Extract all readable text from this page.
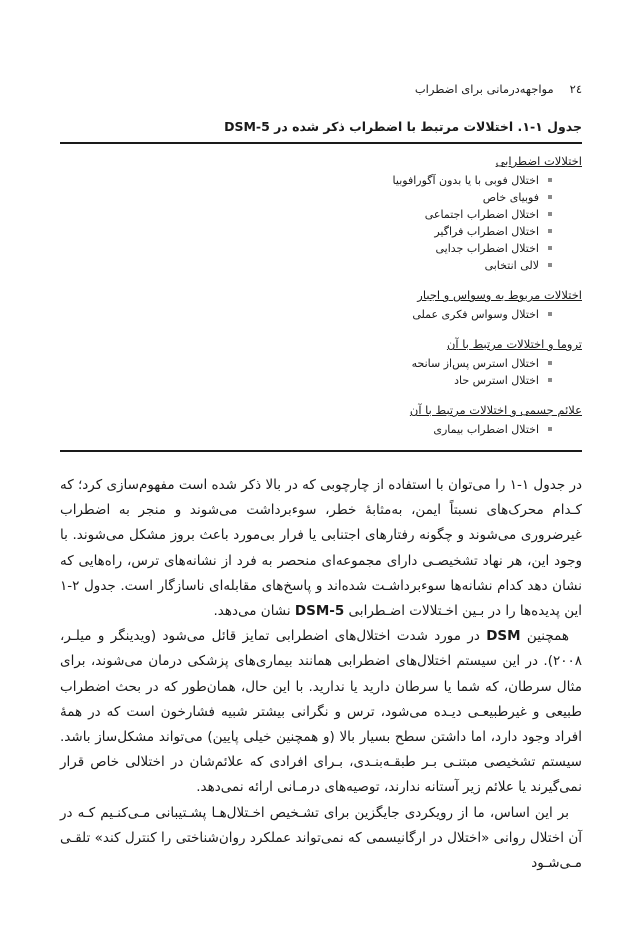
۲٤
مواجهه‌درمانی برای اضطراب
جدول ۱-۱. اختلالات مرتبط با اضطراب ذکر شده در DSM-5
اختلالات اضطرابی
اختلال فوبی با یا بدون آگورافوبیا
فوبیای خاص
اختلال اضطراب اجتماعی
اختلال اضطراب فراگیر
اختلال اضطراب جدایی
لالی انتخابی
اختلالات مربوط به وسواس و اجبار
اختلال وسواس فکری عملی
تروما و اختلالات مرتبط با آن
اختلال استرس پس‌از سانحه
اختلال استرس حاد
علائم جسمی و اختلالات مرتبط با آن
اختلال اضطراب بیماری

در جدول ۱-۱ را می‌توان با استفاده از چارچوبی که در بالا ذکر شده است مفهوم‌سازی کرد؛ که کـدام محرک‌های نسبتاً ایمن، به‌مثابهٔ خطر، سوءبرداشت می‌شوند و منجر به اضطراب غیرضروری می‌شوند و چگونه رفتارهای اجتنابی یا فرار بی‌مورد باعث بروز مشکل می‌شوند. با وجود این، هر نهاد تشخیصـی دارای مجموعه‌ای منحصر به فرد از نشانه‌های ترس، راه‌هایی که نشان دهد کدام نشانه‌ها سوءبرداشـت شده‌اند و پاسخ‌های مقابله‌ای ناسازگار است. جدول ۲-۱ این پدیده‌ها را در بـین اخـتلالات اضـطرابی DSM-5 نشان می‌دهد.

همچنین DSM در مورد شدت اختلال‌های اضطرابی تمایز قائل می‌شود (ویدینگر و میلـر، ۲۰۰۸). در این سیستم اختلال‌های اضطرابی همانند بیماری‌های پزشکی درمان می‌شوند، برای مثال سرطان، که شما یا سرطان دارید یا ندارید. با این حال، همان‌طور که در بحث اضطراب طبیعی و غیرطبیعـی دیـده می‌شود، ترس و نگرانی بیشتر شبیه فشارخون است که در همهٔ افراد وجود دارد، اما داشتن سطح بسیار بالا (و همچنین خیلی پایین) می‌تواند مشکل‌ساز باشد. سیستم تشخیصی مبتنـی بـر طبقـه‌بنـدی، بـرای افرادی که علائم‌شان در اختلالی خاص قرار نمی‌گیرند یا علائم زیر آستانه ندارند، توصیه‌های درمـانی ارائه نمی‌دهد.

بر این اساس، ما از رویکردی جایگزین برای تشـخیص اخـتلال‌هـا پشـتیبانی مـی‌کنـیم کـه در آن اختلال روانی «اختلال در ارگانیسمی که نمی‌تواند عملکرد روان‌شناختی را کنترل کند» تلقـی مـی‌شـود
